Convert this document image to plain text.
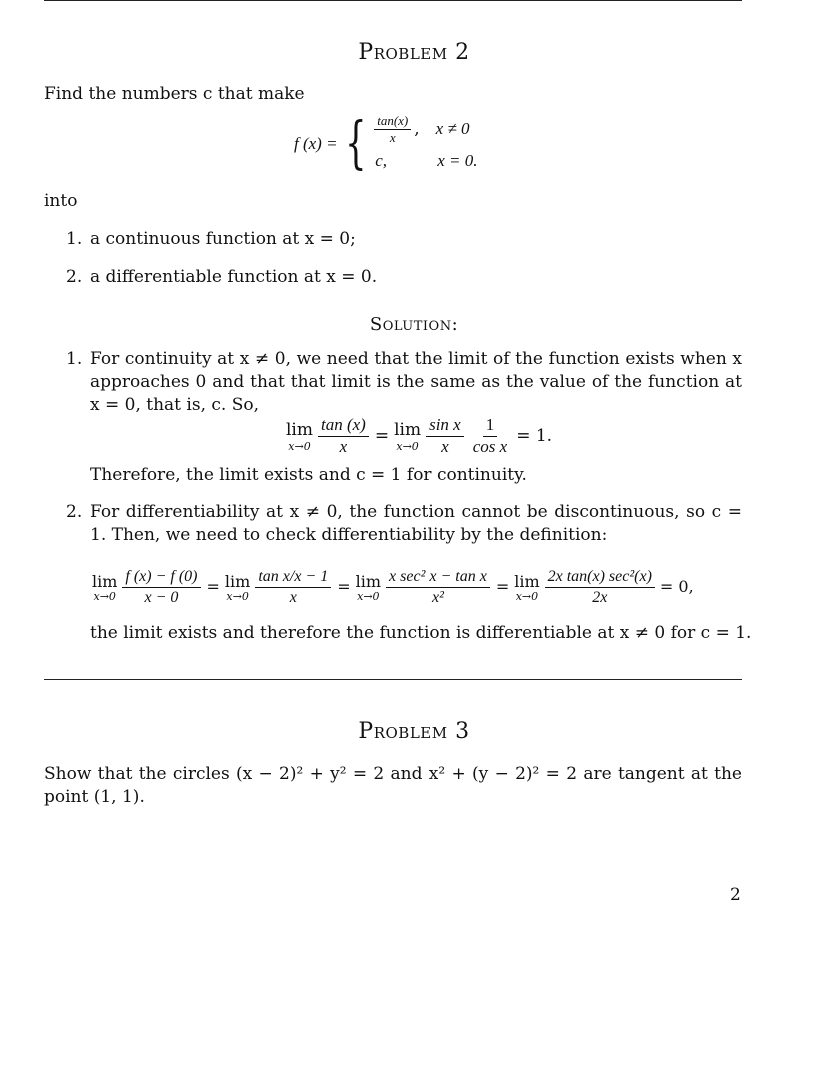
Problem 2
Find the numbers c that make
f (x) = { $\frac{\tan(x)}{x}$ , x ≠ 0
c,	x = 0.
into
1. a continuous function at x = 0;
2. a differentiable function at x = 0.
Solution:
1. For continuity at x ≠ 0, we need that the limit of the function exists when x approaches 0 and that that limit is the same as the value of the function at x = 0, that is, c. So,
lim
$x\to 0 \frac{\tan (x)}{x} = \lim$
$x\to 0 \frac{\text{sin x}}{x} \frac{1}{\text{cos x}} = 1$.
Therefore, the limit exists and c = 1 for continuity.
2. For differentiability at x ≠ 0, the function cannot be discontinuous, so c = 1. Then, we need to check differentiability by the definition:
lim
$x\to 0 \frac{f (x) - f (0)}{x - 0} = \lim$
$x\to 0 \frac{\text{tan x/x − 1}}{x} = \lim$
$x\to 0 \frac{\text{x sec² x − tan x}}{\text{x²}} = \lim$
$x\to 0 \frac{\text{2x tan(x) sec²(x)}}{2x} = 0$,
the limit exists and therefore the function is differentiable at x ≠ 0 for c = 1.
Problem 3
Show that the circles (x − 2)² + y² = 2 and x² + (y − 2)² = 2 are tangent at the point (1, 1).
2
